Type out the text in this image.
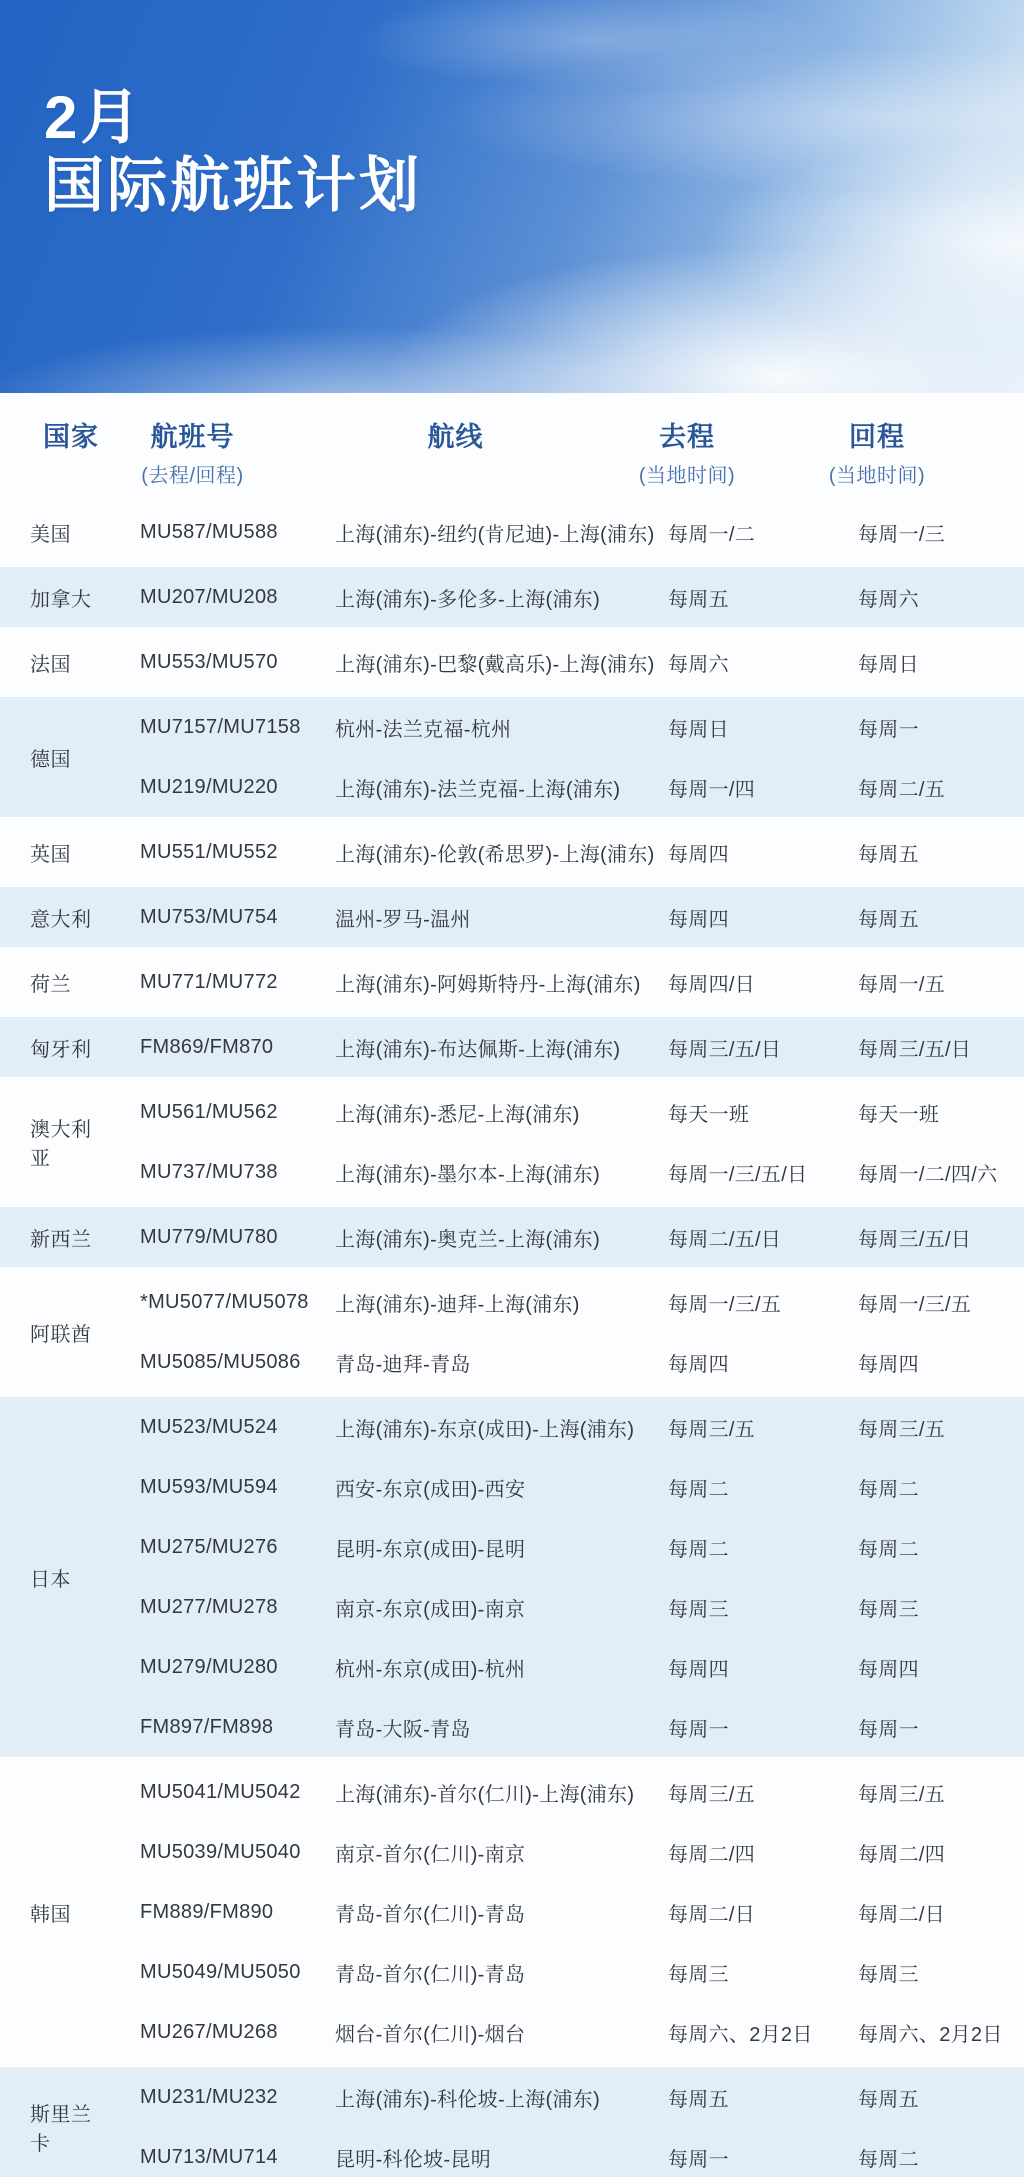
2月
国际航班计划
国家 航班号
(去程/回程)
航线	去程
(当地时间)
回程
(当地时间)
美国	MU587/MU588	上海(浦东)-纽约(肯尼迪)-上海(浦东) 每周一/二	每周一/三
加拿大	MU207/MU208	上海(浦东)-多伦多-上海(浦东)	每周五	每周六
法国	MU553/MU570	上海(浦东)-巴黎(戴高乐)-上海(浦东) 每周六	每周日
德国
MU7157/MU7158	杭州-法兰克福-杭州	每周日	每周一
MU219/MU220	上海(浦东)-法兰克福-上海(浦东)	每周一/四	每周二/五
英国	MU551/MU552	上海(浦东)-伦敦(希思罗)-上海(浦东) 每周四	每周五
意大利	MU753/MU754	温州-罗马-温州	每周四	每周五
荷兰	MU771/MU772	上海(浦东)-阿姆斯特丹-上海(浦东)	每周四/日	每周一/五
匈牙利	FM869/FM870	上海(浦东)-布达佩斯-上海(浦东)	每周三/五/日	每周三/五/日
澳大利亚
MU561/MU562	上海(浦东)-悉尼-上海(浦东)	每天一班	每天一班
MU737/MU738	上海(浦东)-墨尔本-上海(浦东)	每周一/三/五/日	每周一/二/四/六
新西兰	MU779/MU780	上海(浦东)-奥克兰-上海(浦东)	每周二/五/日	每周三/五/日
阿联酋
*MU5077/MU5078	上海(浦东)-迪拜-上海(浦东)	每周一/三/五	每周一/三/五
MU5085/MU5086	青岛-迪拜-青岛	每周四	每周四
日本
MU523/MU524	上海(浦东)-东京(成田)-上海(浦东)	每周三/五	每周三/五
MU593/MU594	西安-东京(成田)-西安	每周二	每周二
MU275/MU276	昆明-东京(成田)-昆明	每周二	每周二
MU277/MU278	南京-东京(成田)-南京	每周三	每周三
MU279/MU280	杭州-东京(成田)-杭州	每周四	每周四
FM897/FM898	青岛-大阪-青岛	每周一	每周一
韩国
MU5041/MU5042	上海(浦东)-首尔(仁川)-上海(浦东)	每周三/五	每周三/五
MU5039/MU5040	南京-首尔(仁川)-南京	每周二/四	每周二/四
FM889/FM890	青岛-首尔(仁川)-青岛	每周二/日	每周二/日
MU5049/MU5050	青岛-首尔(仁川)-青岛	每周三	每周三
MU267/MU268	烟台-首尔(仁川)-烟台	每周六、2月2日	每周六、2月2日
斯里兰卡
MU231/MU232	上海(浦东)-科伦坡-上海(浦东)	每周五	每周五
MU713/MU714	昆明-科伦坡-昆明	每周一	每周二
